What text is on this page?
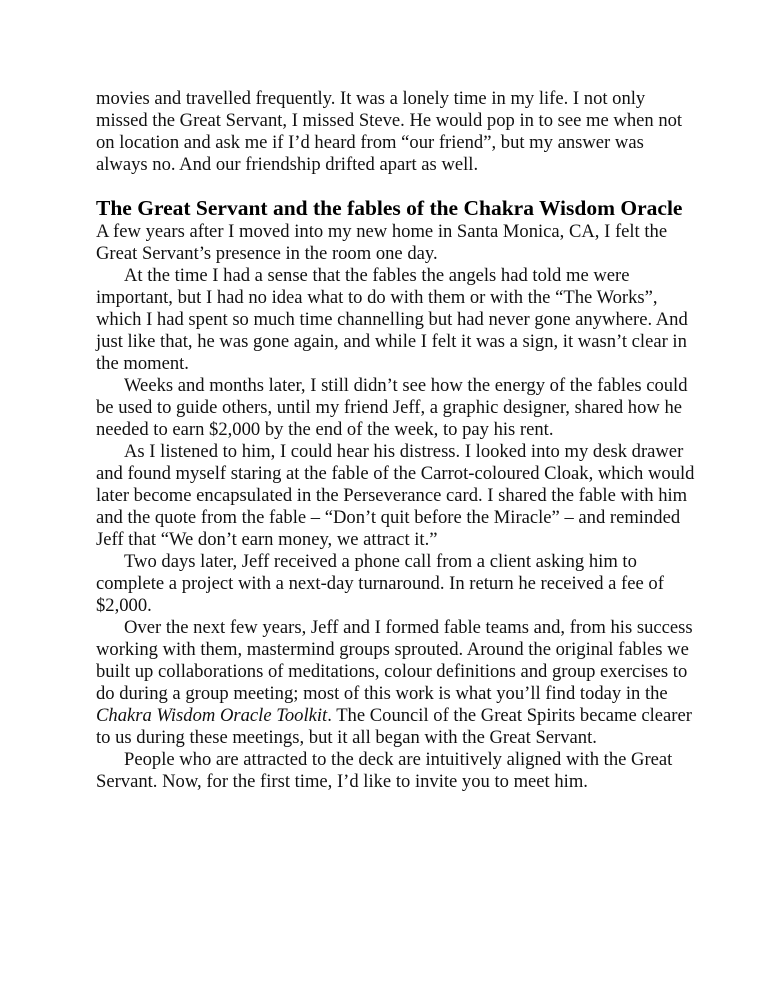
movies and travelled frequently. It was a lonely time in my life. I not only missed the Great Servant, I missed Steve. He would pop in to see me when not on location and ask me if I’d heard from “our friend”, but my answer was always no. And our friendship drifted apart as well.

The Great Servant and the fables of the Chakra Wisdom Oracle

A few years after I moved into my new home in Santa Monica, CA, I felt the Great Servant’s presence in the room one day.

At the time I had a sense that the fables the angels had told me were important, but I had no idea what to do with them or with the “The Works”, which I had spent so much time channelling but had never gone anywhere. And just like that, he was gone again, and while I felt it was a sign, it wasn’t clear in the moment.

Weeks and months later, I still didn’t see how the energy of the fables could be used to guide others, until my friend Jeff, a graphic designer, shared how he needed to earn $2,000 by the end of the week, to pay his rent.

As I listened to him, I could hear his distress. I looked into my desk drawer and found myself staring at the fable of the Carrot-coloured Cloak, which would later become encapsulated in the Perseverance card. I shared the fable with him and the quote from the fable – “Don’t quit before the Miracle” – and reminded Jeff that “We don’t earn money, we attract it.”

Two days later, Jeff received a phone call from a client asking him to complete a project with a next-day turnaround. In return he received a fee of $2,000.

Over the next few years, Jeff and I formed fable teams and, from his success working with them, mastermind groups sprouted. Around the original fables we built up collaborations of meditations, colour definitions and group exercises to do during a group meeting; most of this work is what you’ll find today in the Chakra Wisdom Oracle Toolkit. The Council of the Great Spirits became clearer to us during these meetings, but it all began with the Great Servant.

People who are attracted to the deck are intuitively aligned with the Great Servant. Now, for the first time, I’d like to invite you to meet him.
